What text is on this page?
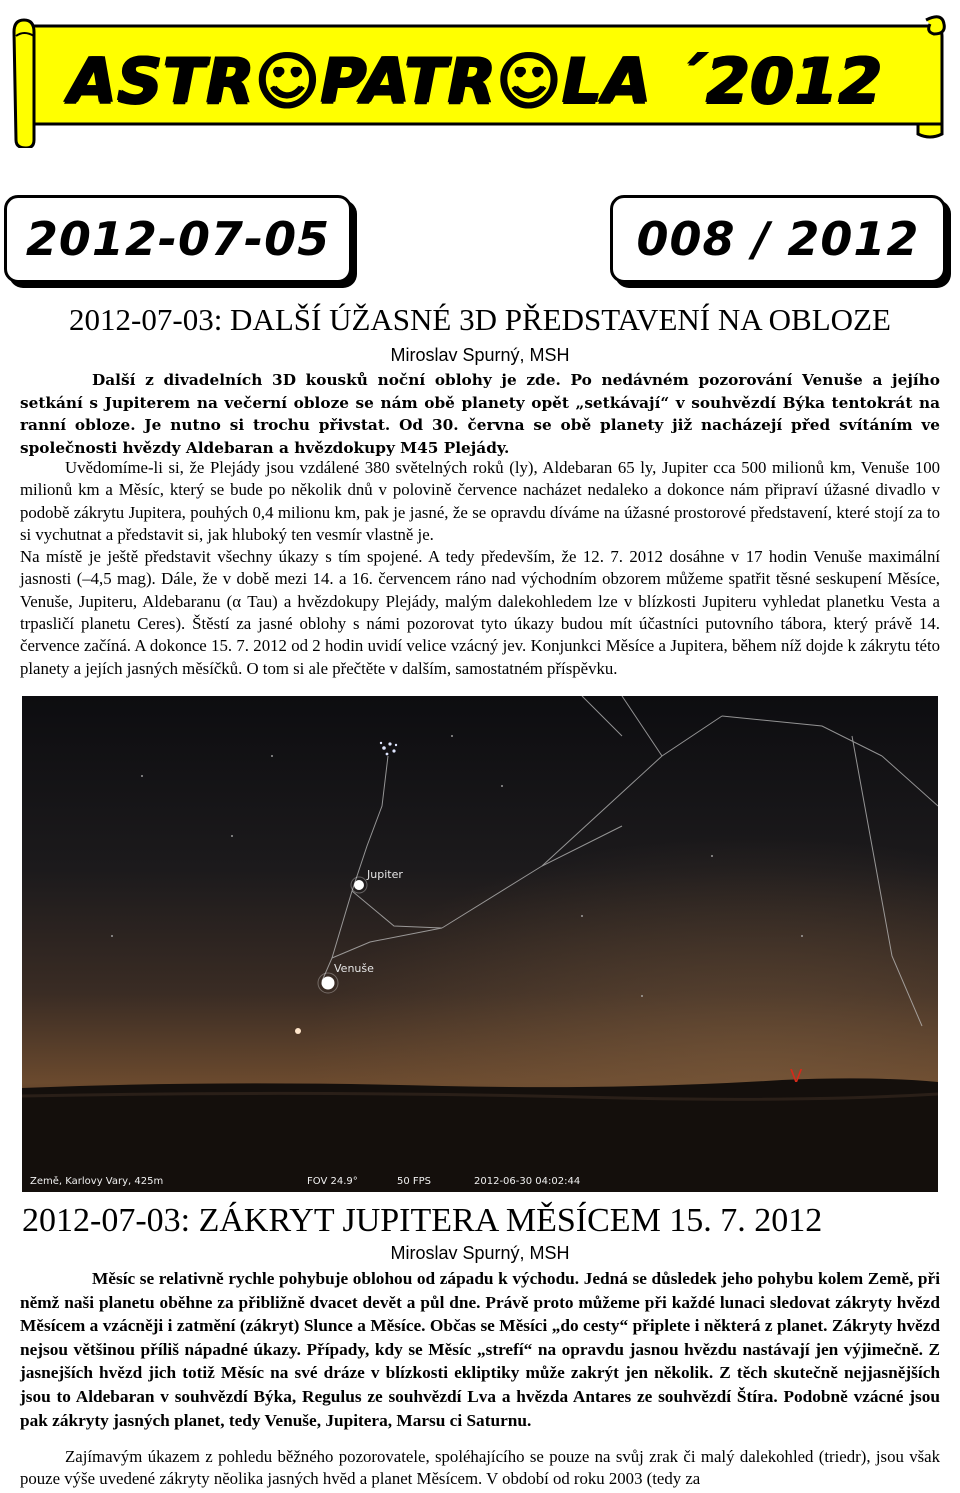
ASTR☺PATR☺LA ´2012
2012-07-05	008 / 2012
2012-07-03: DALŠÍ ÚŽASNÉ 3D PŘEDSTAVENÍ NA OBLOZE
Miroslav Spurný, MSH
Další z divadelních 3D kousků noční oblohy je zde. Po nedávném pozorování Venuše a jejího setkání s Jupiterem na večerní obloze se nám obě planety opět „setkávají“ v souhvězdí Býka tentokrát na ranní obloze. Je nutno si trochu přivstat. Od 30. června se obě planety již nacházejí před svítáním ve společnosti hvězdy Aldebaran a hvězdokupy M45 Plejády.

Uvědomíme-li si, že Plejády jsou vzdálené 380 světelných roků (ly), Aldebaran 65 ly, Jupiter cca 500 milionů km, Venuše 100 milionů km a Měsíc, který se bude po několik dnů v polovině července nacházet nedaleko a dokonce nám připraví úžasné divadlo v podobě zákrytu Jupitera, pouhých 0,4 milionu km, pak je jasné, že se opravdu díváme na úžasné prostorové představení, které stojí za to si vychutnat a představit si, jak hluboký ten vesmír vlastně je.

Na místě je ještě představit všechny úkazy s tím spojené. A tedy především, že 12. 7. 2012 dosáhne v 17 hodin Venuše maximální jasnosti (–4,5 mag). Dále, že v době mezi 14. a 16. červencem ráno nad východním obzorem můžeme spatřit těsné seskupení Měsíce, Venuše, Jupiteru, Aldebaranu (α Tau) a hvězdokupy Plejády, malým dalekohledem lze v blízkosti Jupiteru vyhledat planetku Vesta a trpasličí planetu Ceres). Štěstí za jasné oblohy s námi pozorovat tyto úkazy budou mít účastníci putovního tábora, který právě 14. července začíná. A dokonce 15. 7. 2012 od 2 hodin uvidí velice vzácný jev. Konjunkci Měsíce a Jupitera, během níž dojde k zákrytu této planety a jejích jasných měsíčků. O tom si ale přečtěte v dalším, samostatném příspěvku.

Jupiter
Venuše
V
Země, Karlovy Vary, 425m	FOV 24.9°	50 FPS	2012-06-30 04:02:44
2012-07-03: ZÁKRYT JUPITERA MĚSÍCEM 15. 7. 2012
Miroslav Spurný, MSH
Měsíc se relativně rychle pohybuje oblohou od západu k východu. Jedná se důsledek jeho pohybu kolem Země, při němž naši planetu oběhne za přibližně dvacet devět a půl dne. Právě proto můžeme při každé lunaci sledovat zákryty hvězd Měsícem a vzácněji i zatmění (zákryt) Slunce a Měsíce. Občas se Měsíci „do cesty“ připlete i některá z planet. Zákryty hvězd nejsou většinou příliš nápadné úkazy. Případy, kdy se Měsíc „strefí“ na opravdu jasnou hvězdu nastávají jen výjimečně. Z jasnejších hvězd jich totiž Měsíc na své dráze v blízkosti ekliptiky může zakrýt jen několik. Z těch skutečně nejjasnějších jsou to Aldebaran v souhvězdí Býka, Regulus ze souhvězdí Lva a hvězda Antares ze souhvězdí Štíra. Podobně vzácné jsou pak zákryty jasných planet, tedy Venuše, Jupitera, Marsu ci Saturnu.

Zajímavým úkazem z pohledu běžného pozorovatele, spoléhajícího se pouze na svůj zrak či malý dalekohled (triedr), jsou však pouze výše uvedené zákryty nĕolika jasných hvĕd a planet Měsícem. V období od roku 2003 (tedy za
